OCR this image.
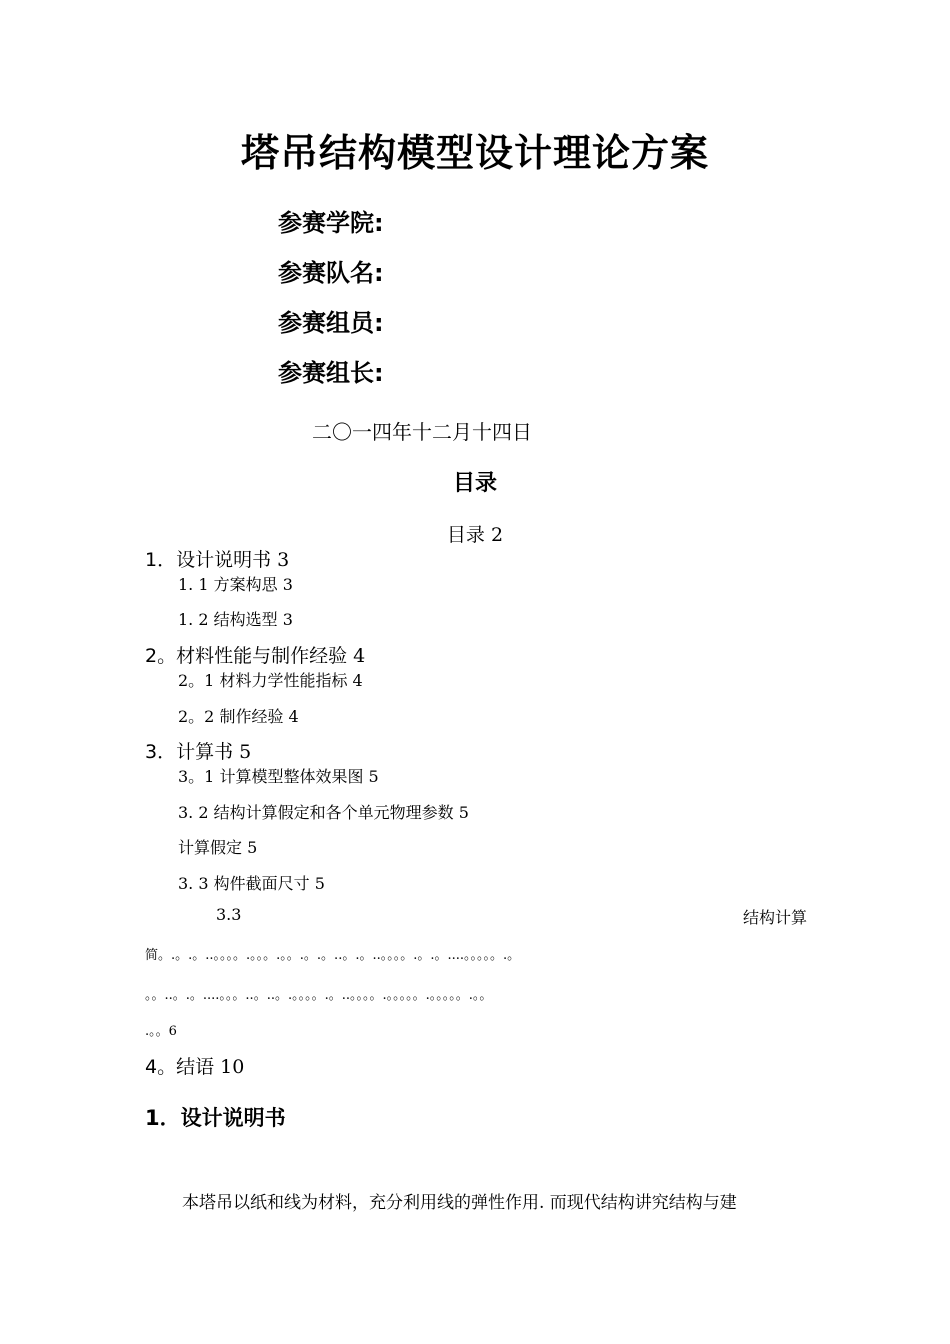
塔吊结构模型设计理论方案
参赛学院:
参赛队名:
参赛组员:
参赛组长:
二〇一四年十二月十四日
目录
目录 2
1．设计说明书 3
1. 1 方案构思 3
1. 2 结构选型 3
2。材料性能与制作经验 4
2。1 材料力学性能指标 4
2。2 制作经验 4
3．计算书 5
3。1 计算模型整体效果图 5
3. 2 结构计算假定和各个单元物理参数 5
计算假定 5
3. 3 构件截面尺寸 5
3. 3	结 构 计 算
简。.。.。..。。。。.。。。.。。.。.。..。.。..。。。。.。.。....。。。。。.。
。。..。.。....。。。..。..。.。。。。.。..。。。。.。。。。。.。。。。。.。。
.。。6
4。结语 10
1．设计说明书
本塔吊以纸和线为材料，充分利用线的弹性作用. 而现代结构讲究结构与建
